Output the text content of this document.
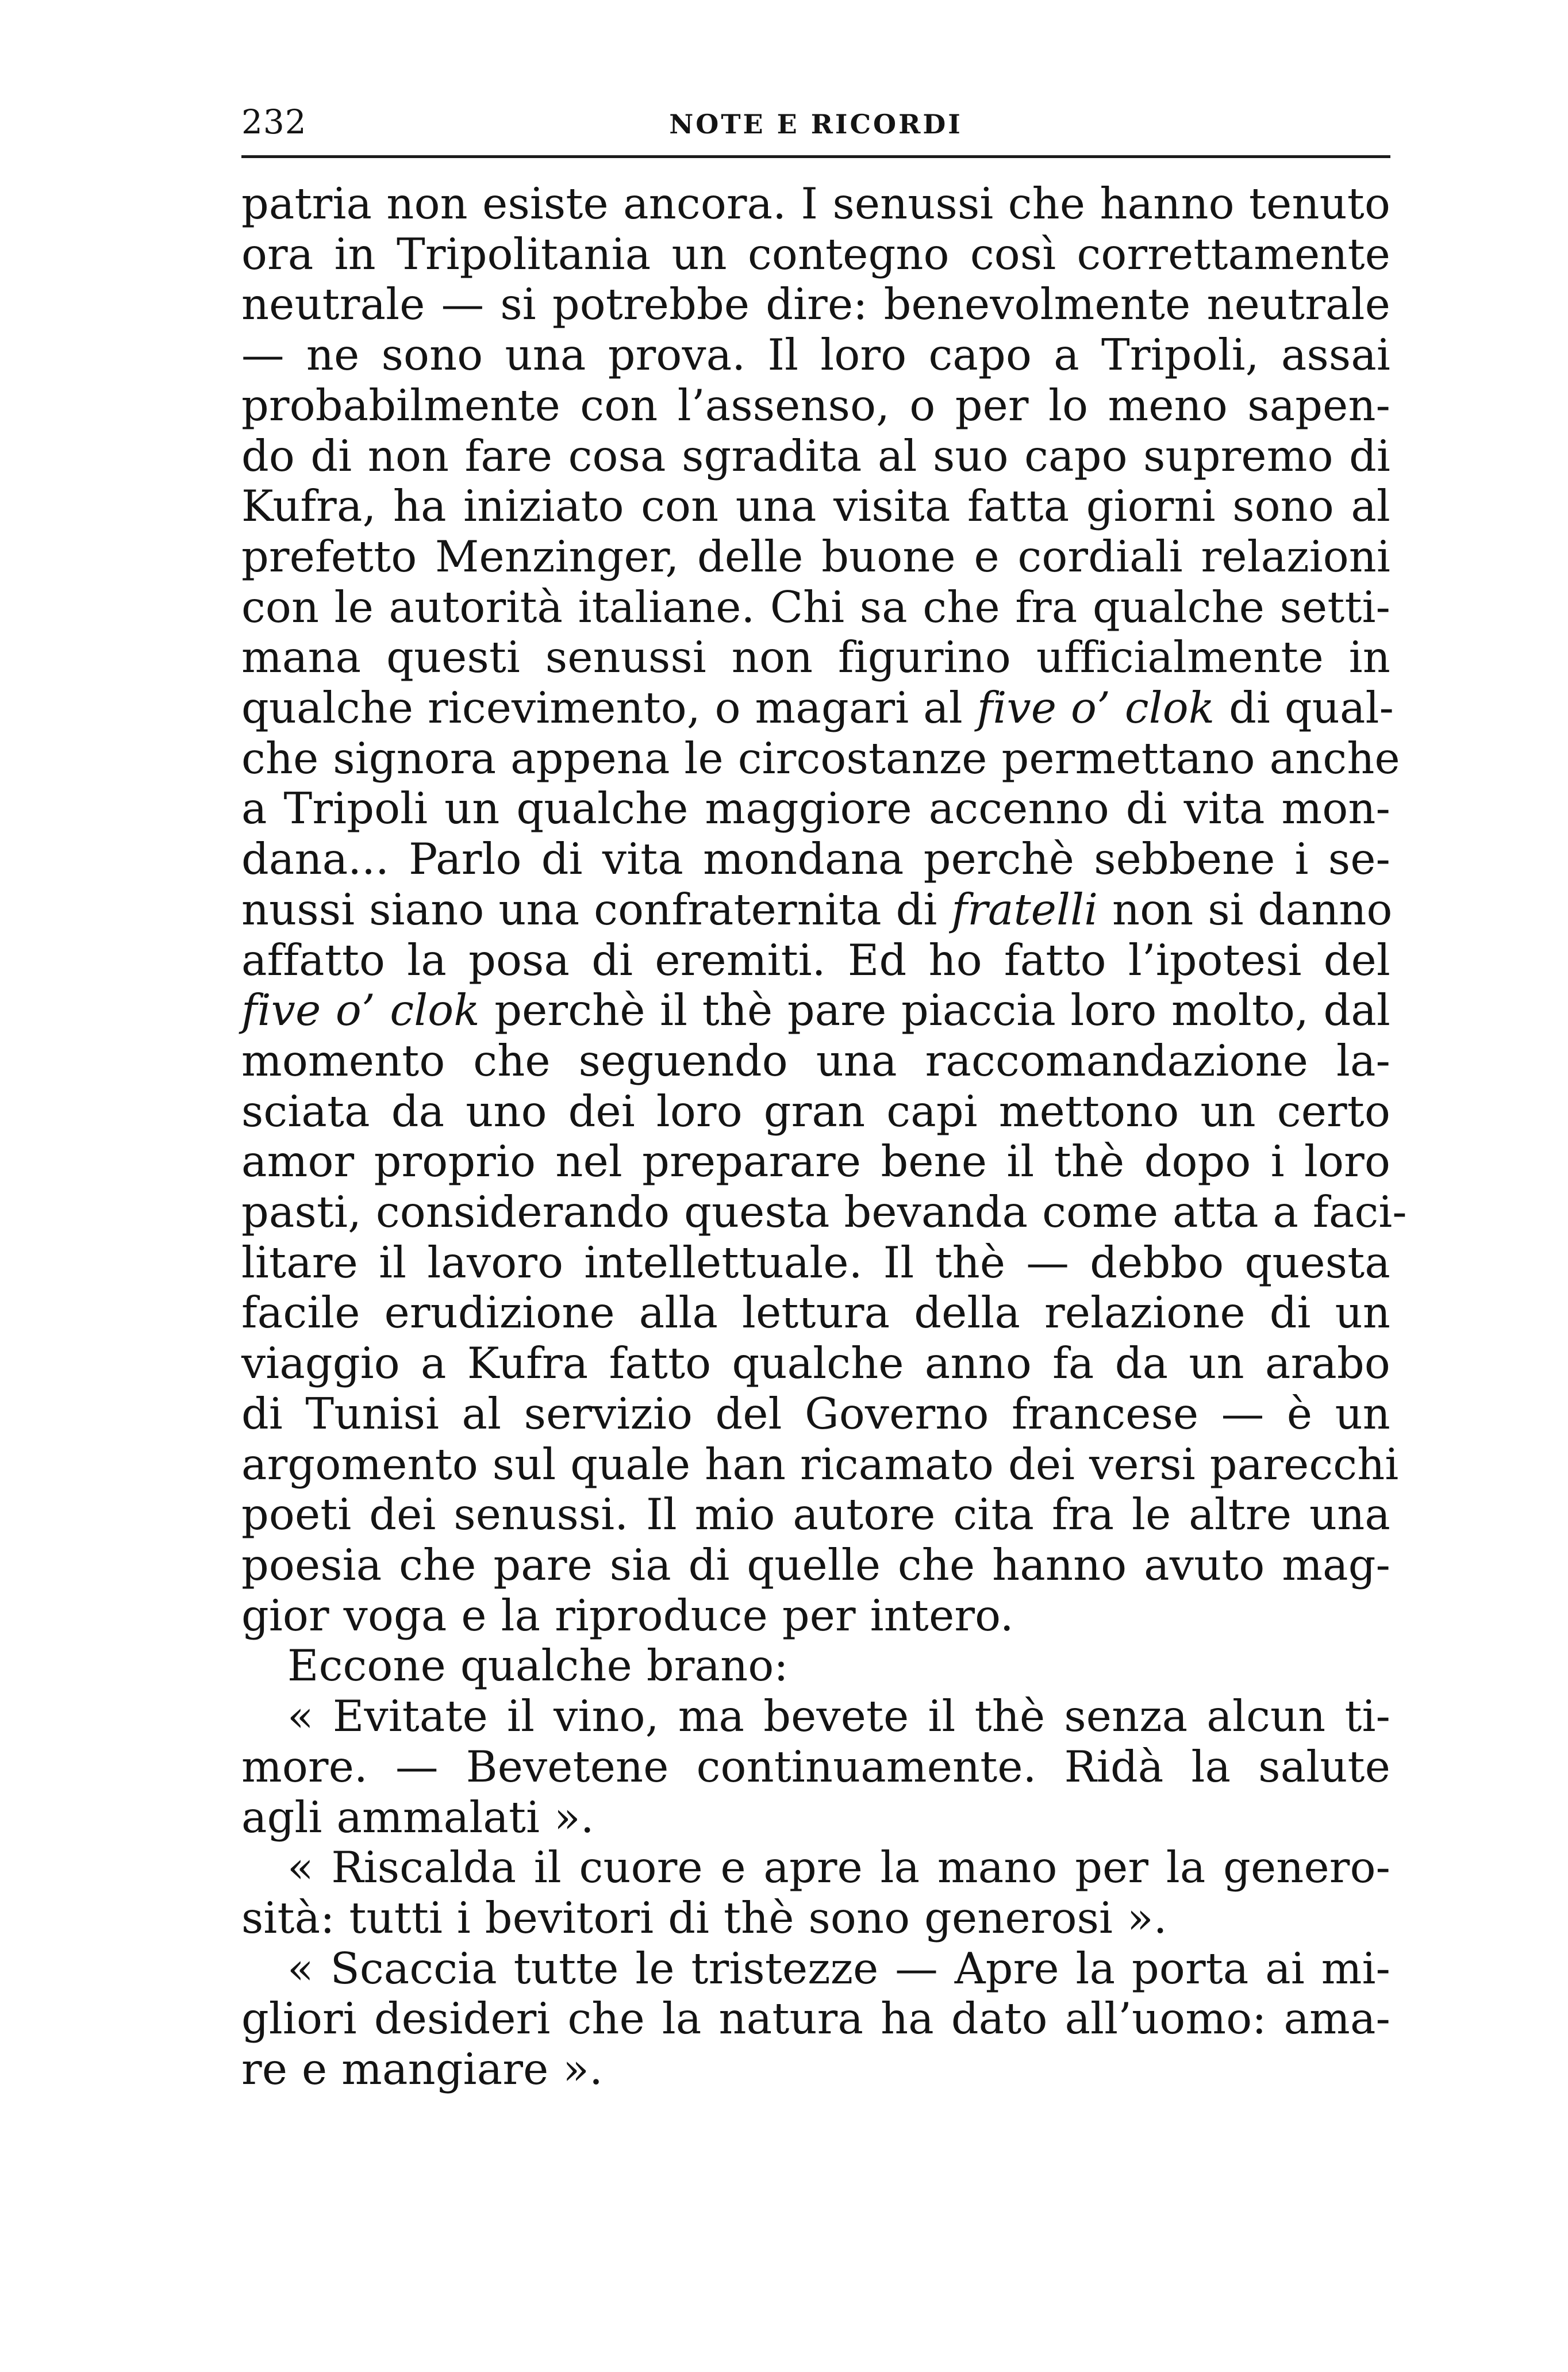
232	NOTE E RICORDI
patria non esiste ancora. I senussi che hanno tenuto
ora in Tripolitania un contegno così correttamente
neutrale — si potrebbe dire: benevolmente neutrale
— ne sono una prova. Il loro capo a Tripoli, assai
probabilmente con l’assenso, o per lo meno sapen-
do di non fare cosa sgradita al suo capo supremo di
Kufra, ha iniziato con una visita fatta giorni sono al
prefetto Menzinger, delle buone e cordiali relazioni
con le autorità italiane. Chi sa che fra qualche setti-
mana questi senussi non figurino ufficialmente in
qualche ricevimento, o magari al five o’ clok di qual-
che signora appena le circostanze permettano anche
a Tripoli un qualche maggiore accenno di vita mon-
dana... Parlo di vita mondana perchè sebbene i se-
nussi siano una confraternita di fratelli non si danno
affatto la posa di eremiti. Ed ho fatto l’ipotesi del
five o’ clok perchè il thè pare piaccia loro molto, dal
momento che seguendo una raccomandazione la-
sciata da uno dei loro gran capi mettono un certo
amor proprio nel preparare bene il thè dopo i loro
pasti, considerando questa bevanda come atta a faci-
litare il lavoro intellettuale. Il thè — debbo questa
facile erudizione alla lettura della relazione di un
viaggio a Kufra fatto qualche anno fa da un arabo
di Tunisi al servizio del Governo francese — è un
argomento sul quale han ricamato dei versi parecchi
poeti dei senussi. Il mio autore cita fra le altre una
poesia che pare sia di quelle che hanno avuto mag-
gior voga e la riproduce per intero.
Eccone qualche brano:
« Evitate il vino, ma bevete il thè senza alcun ti-
more. — Bevetene continuamente. Ridà la salute
agli ammalati ».
« Riscalda il cuore e apre la mano per la genero-
sità: tutti i bevitori di thè sono generosi ».
« Scaccia tutte le tristezze — Apre la porta ai mi-
gliori desideri che la natura ha dato all’uomo: ama-
re e mangiare ».
